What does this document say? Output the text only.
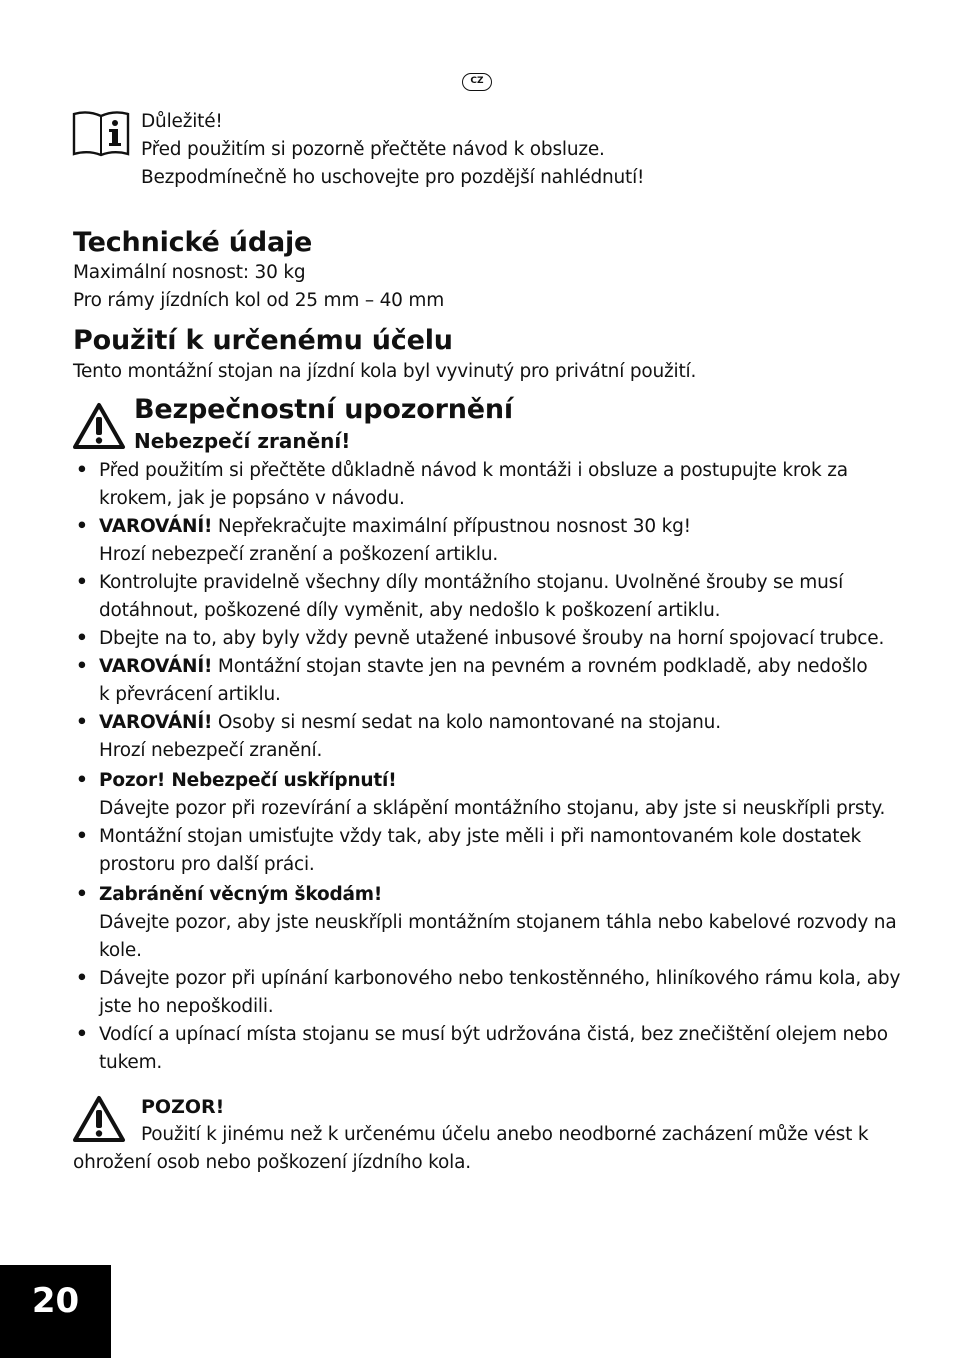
CZ
Důležité!
Před použitím si pozorně přečtěte návod k obsluze.
Bezpodmínečně ho uschovejte pro pozdější nahlédnutí!
Technické údaje
Maximální nosnost: 30 kg
Pro rámy jízdních kol od 25 mm – 40 mm
Použití k určenému účelu
Tento montážní stojan na jízdní kola byl vyvinutý pro privátní použití.
Bezpečnostní upozornění
Nebezpečí zranění!
• Před použitím si přečtěte důkladně návod k montáži i obsluze a postupujte krok za
krokem, jak je popsáno v návodu.
• VAROVÁNÍ! Nepřekračujte maximální přípustnou nosnost 30 kg!
Hrozí nebezpečí zranění a poškození artiklu.
• Kontrolujte pravidelně všechny díly montážního stojanu. Uvolněné šrouby se musí
dotáhnout, poškozené díly vyměnit, aby nedošlo k poškození artiklu.
• Dbejte na to, aby byly vždy pevně utažené inbusové šrouby na horní spojovací trubce.
• VAROVÁNÍ! Montážní stojan stavte jen na pevném a rovném podkladě, aby nedošlo
k převrácení artiklu.
• VAROVÁNÍ! Osoby si nesmí sedat na kolo namontované na stojanu.
Hrozí nebezpečí zranění.
• Pozor! Nebezpečí uskřípnutí!
Dávejte pozor při rozevírání a sklápění montážního stojanu, aby jste si neuskřípli prsty.
• Montážní stojan umisťujte vždy tak, aby jste měli i při namontovaném kole dostatek
prostoru pro další práci.
• Zabránění věcným škodám!
Dávejte pozor, aby jste neuskřípli montážním stojanem táhla nebo kabelové rozvody na
kole.
• Dávejte pozor při upínání karbonového nebo tenkostěnného, hliníkového rámu kola, aby
jste ho nepoškodili.
• Vodící a upínací místa stojanu se musí být udržována čistá, bez znečištění olejem nebo
tukem.
POZOR!
Použití k jinému než k určenému účelu anebo neodborné zacházení může vést k
ohrožení osob nebo poškození jízdního kola.
20
